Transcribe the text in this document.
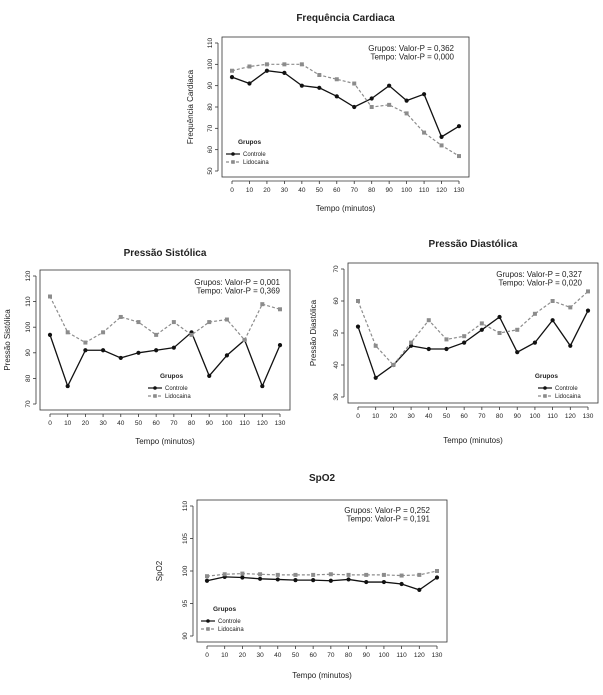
Frequência Cardiaca
0 10 20 30 40 50 60 70 80 90 100 110 120 130
50
60
70
80
90
100
110
Tempo (minutos)
Frequência Cardiaca
Grupos: Valor-P = 0,362
Tempo: Valor-P = 0,000
Grupos
Controle
Lidocaina
Pressão Sistólica
0 10 20 30 40 50 60 70 80 90 100 110 120 130
70
80
90
100
110
120
Tempo (minutos)
Pressão Sistólica
Grupos: Valor-P = 0,001
Tempo: Valor-P = 0,369
Grupos
Controle
Lidocaina
Pressão Diastólica
0 10 20 30 40 50 60 70 80 90 100 110 120 130
30
40
50
60
70
Tempo (minutos)
Pressão Diastólica
Grupos: Valor-P = 0,327
Tempo: Valor-P = 0,020
Grupos
Controle
Lidocaina
SpO2
0 10 20 30 40 50 60 70 80 90 100 110 120 130
90
95
100
105
110
Tempo (minutos)
SpO2
Grupos: Valor-P = 0,252
Tempo: Valor-P = 0,191
Grupos
Controle
Lidocaina
